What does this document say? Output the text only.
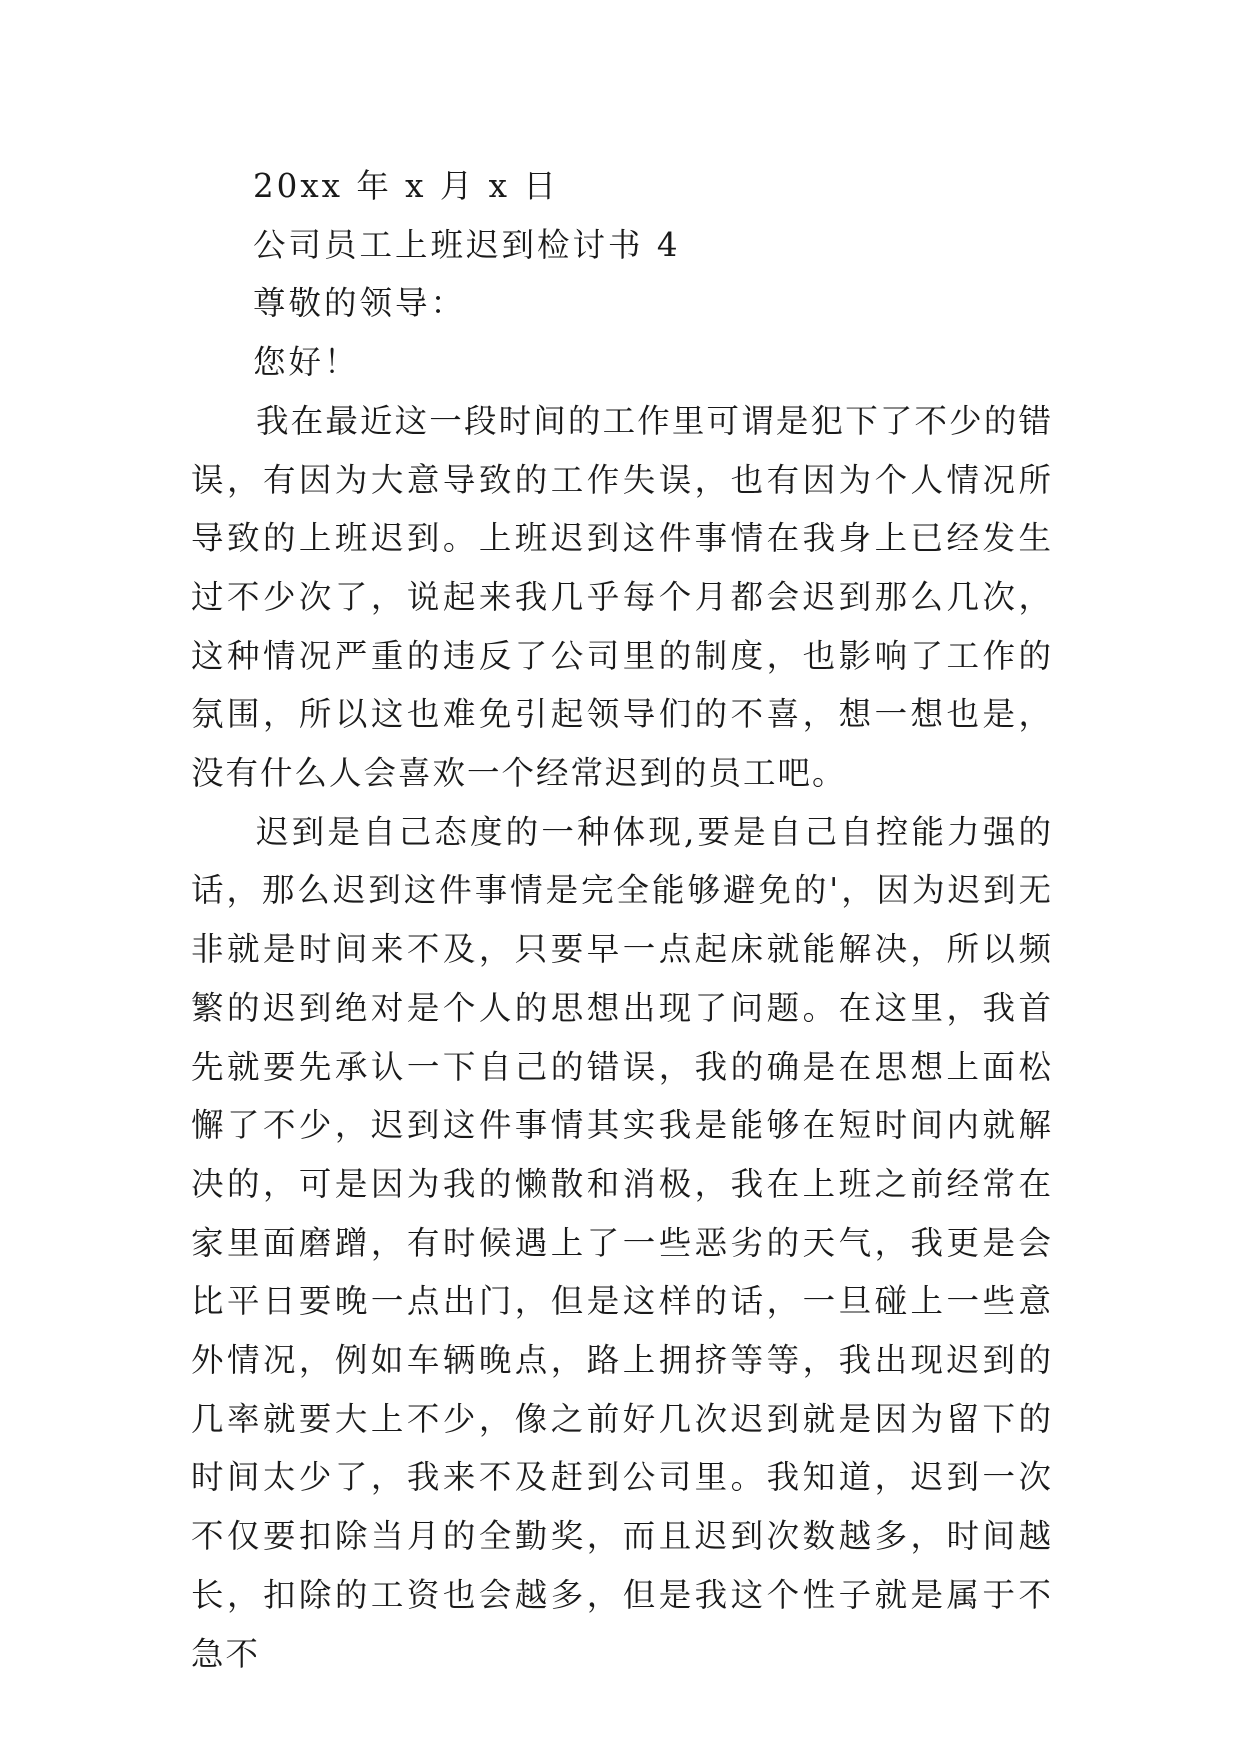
20xx 年 x 月 x 日

公司员工上班迟到检讨书 4

尊敬的领导：

您好！

我在最近这一段时间的工作里可谓是犯下了不少的错误，有因为大意导致的工作失误，也有因为个人情况所导致的上班迟到。上班迟到这件事情在我身上已经发生过不少次了，说起来我几乎每个月都会迟到那么几次，这种情况严重的违反了公司里的制度，也影响了工作的氛围，所以这也难免引起领导们的不喜，想一想也是，没有什么人会喜欢一个经常迟到的员工吧。

迟到是自己态度的一种体现,要是自己自控能力强的话，那么迟到这件事情是完全能够避免的'，因为迟到无非就是时间来不及，只要早一点起床就能解决，所以频繁的迟到绝对是个人的思想出现了问题。在这里，我首先就要先承认一下自己的错误，我的确是在思想上面松懈了不少，迟到这件事情其实我是能够在短时间内就解决的，可是因为我的懒散和消极，我在上班之前经常在家里面磨蹭，有时候遇上了一些恶劣的天气，我更是会比平日要晚一点出门，但是这样的话，一旦碰上一些意外情况，例如车辆晚点，路上拥挤等等，我出现迟到的几率就要大上不少，像之前好几次迟到就是因为留下的时间太少了，我来不及赶到公司里。我知道，迟到一次不仅要扣除当月的全勤奖，而且迟到次数越多，时间越长，扣除的工资也会越多，但是我这个性子就是属于不急不
